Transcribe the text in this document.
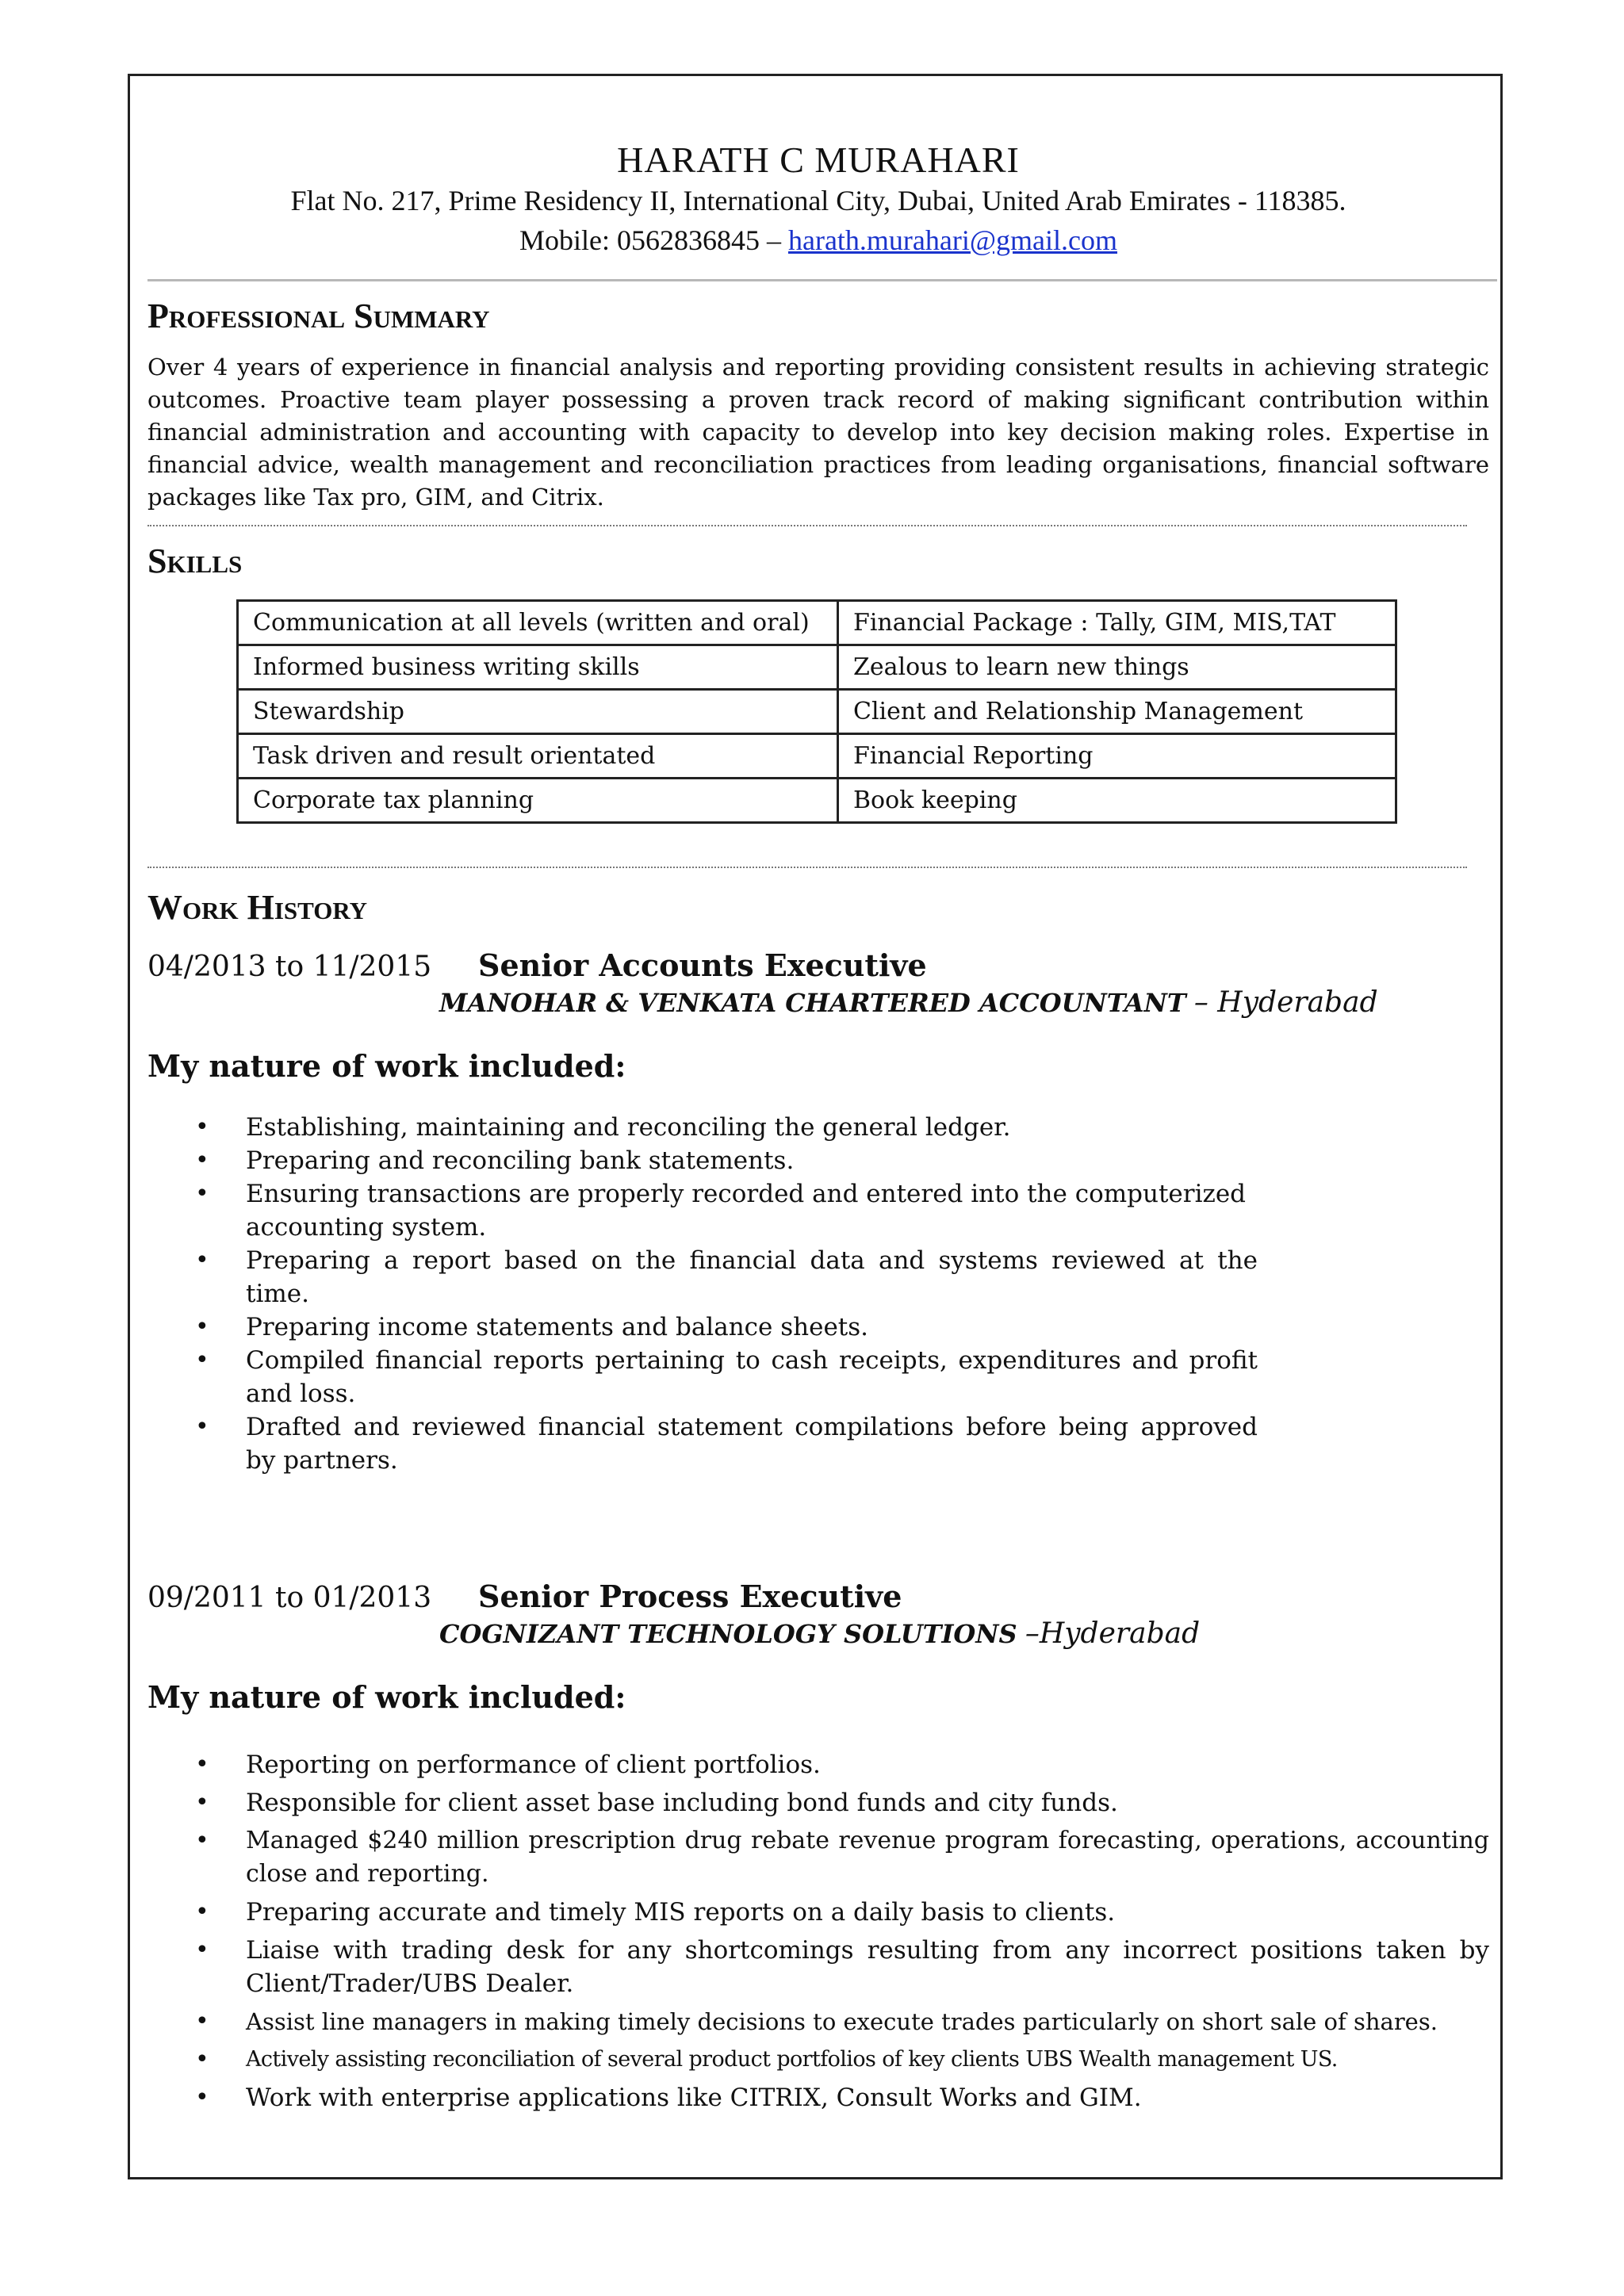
HARATH C MURAHARI
Flat No. 217, Prime Residency II, International City, Dubai, United Arab Emirates - 118385.
Mobile: 0562836845 – harath.murahari@gmail.com
Professional Summary

Over 4 years of experience in financial analysis and reporting providing consistent results in achieving strategic outcomes. Proactive team player possessing a proven track record of making significant contribution within financial administration and accounting with capacity to develop into key decision making roles. Expertise in financial advice, wealth management and reconciliation practices from leading organisations, financial software packages like Tax pro, GIM, and Citrix.

Skills
Communication at all levels (written and oral)	Financial Package : Tally, GIM, MIS,TAT
Informed business writing skills	Zealous to learn new things
Stewardship	Client and Relationship Management
Task driven and result orientated	Financial Reporting
Corporate tax planning	Book keeping
Work History
04/2013 to 11/2015 Senior Accounts Executive
MANOHAR & VENKATA CHARTERED ACCOUNTANT – Hyderabad
My nature of work included:
• Establishing, maintaining and reconciling the general ledger.
• Preparing and reconciling bank statements.
• Ensuring transactions are properly recorded and entered into the computerized accounting system.
• Preparing a report based on the financial data and systems reviewed at the time.
• Preparing income statements and balance sheets.
• Compiled financial reports pertaining to cash receipts, expenditures and profit and loss.
• Drafted and reviewed financial statement compilations before being approved by partners.
09/2011 to 01/2013 Senior Process Executive
COGNIZANT TECHNOLOGY SOLUTIONS –Hyderabad
My nature of work included:
• Reporting on performance of client portfolios.
• Responsible for client asset base including bond funds and city funds.
• Managed $240 million prescription drug rebate revenue program forecasting, operations, accounting close and reporting.
• Preparing accurate and timely MIS reports on a daily basis to clients.
• Liaise with trading desk for any shortcomings resulting from any incorrect positions taken by Client/Trader/UBS Dealer.
• Assist line managers in making timely decisions to execute trades particularly on short sale of shares.
• Actively assisting reconciliation of several product portfolios of key clients UBS Wealth management US.
• Work with enterprise applications like CITRIX, Consult Works and GIM.
